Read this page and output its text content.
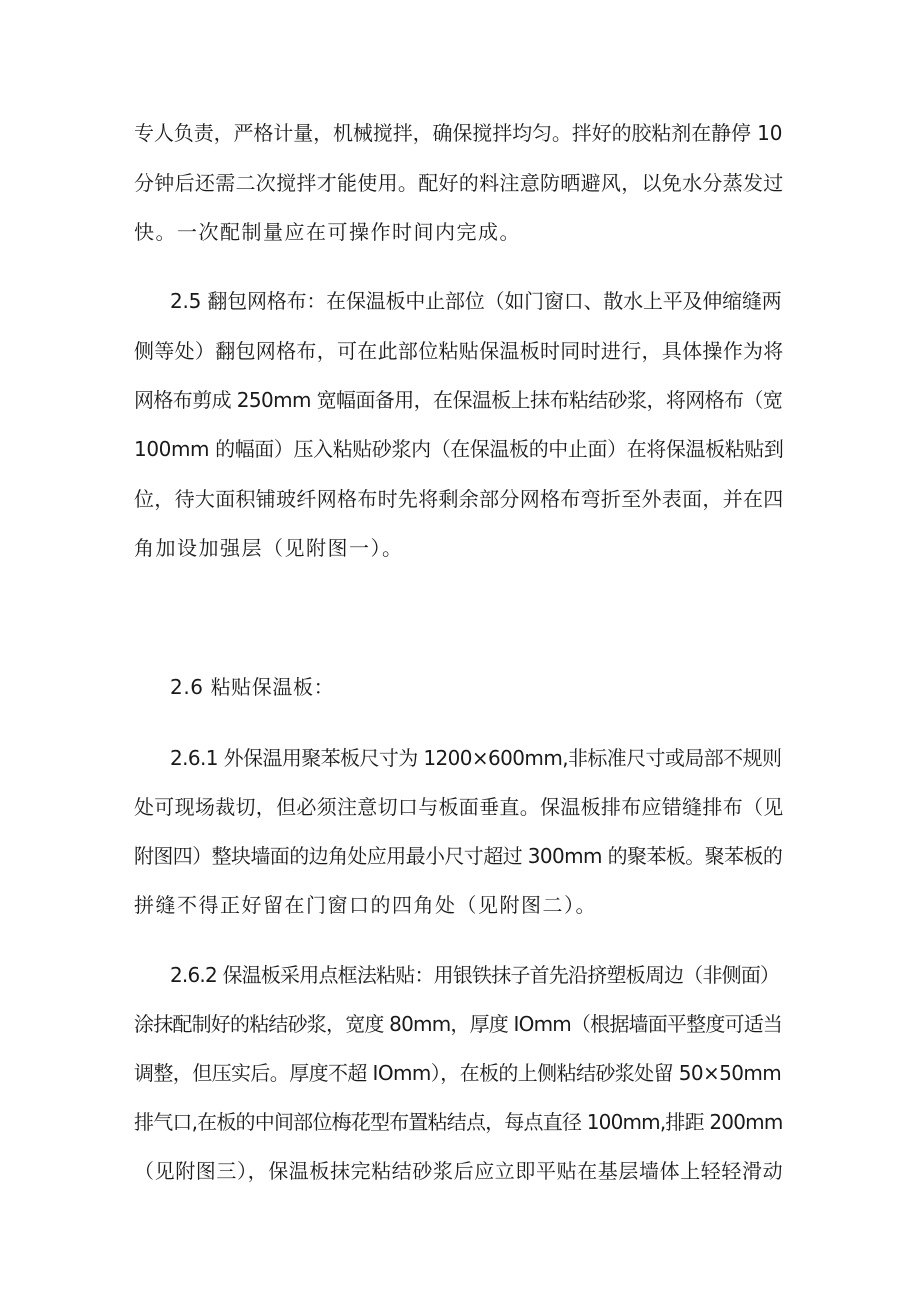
专人负责，严格计量，机械搅拌，确保搅拌均匀。拌好的胶粘剂在静停 10
分钟后还需二次搅拌才能使用。配好的料注意防晒避风，以免水分蒸发过
快。一次配制量应在可操作时间内完成。
2.5 翻包网格布：在保温板中止部位（如门窗口、散水上平及伸缩缝两
侧等处）翻包网格布，可在此部位粘贴保温板时同时进行，具体操作为将
网格布剪成 250mm 宽幅面备用，在保温板上抹布粘结砂浆，将网格布（宽
100mm 的幅面）压入粘贴砂浆内（在保温板的中止面）在将保温板粘贴到
位，待大面积铺玻纤网格布时先将剩余部分网格布弯折至外表面，并在四
角加设加强层（见附图一）。
2.6 粘贴保温板：
2.6.1 外保温用聚苯板尺寸为 1200×600mm,非标准尺寸或局部不规则
处可现场裁切，但必须注意切口与板面垂直。保温板排布应错缝排布（见
附图四）整块墙面的边角处应用最小尺寸超过 300mm 的聚苯板。聚苯板的
拼缝不得正好留在门窗口的四角处（见附图二）。
2.6.2 保温板采用点框法粘贴：用银铁抹子首先沿挤塑板周边（非侧面）
涂抹配制好的粘结砂浆，宽度 80mm，厚度 IOmm（根据墙面平整度可适当
调整，但压实后。厚度不超 IOmm），在板的上侧粘结砂浆处留 50×50mm
排气口,在板的中间部位梅花型布置粘结点，每点直径 100mm,排距 200mm
（见附图三），保温板抹完粘结砂浆后应立即平贴在基层墙体上轻轻滑动
